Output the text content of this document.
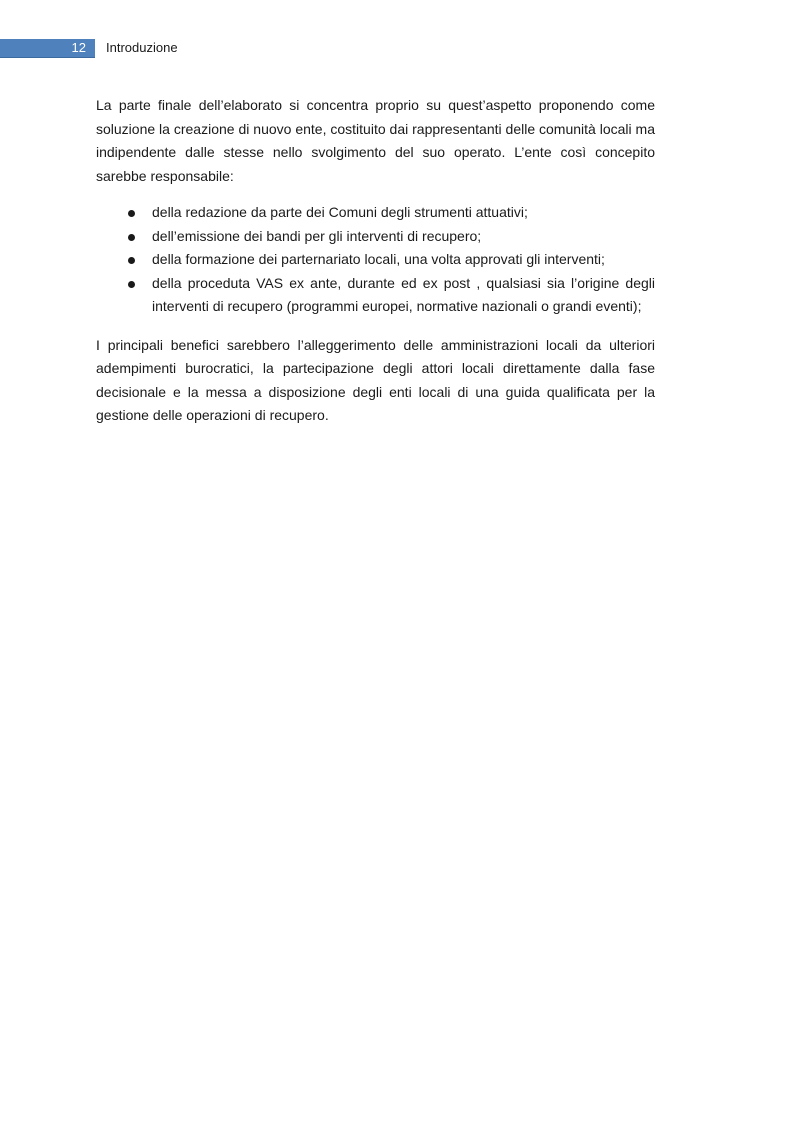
12 Introduzione

La parte finale dell’elaborato si concentra proprio su quest’aspetto proponendo come soluzione la creazione di nuovo ente, costituito dai rappresentanti delle comunità locali ma indipendente dalle stesse nello svolgimento del suo operato. L’ente così concepito sarebbe responsabile:

della redazione da parte dei Comuni degli strumenti attuativi;
dell’emissione dei bandi per gli interventi di recupero;
della formazione dei parternariato locali, una volta approvati gli interventi;
della proceduta VAS ex ante, durante ed ex post , qualsiasi sia l’origine degli interventi di recupero (programmi europei, normative nazionali o grandi eventi);

I principali benefici sarebbero l’alleggerimento delle amministrazioni locali da ulteriori adempimenti burocratici, la partecipazione degli attori locali direttamente dalla fase decisionale e la messa a disposizione degli enti locali di una guida qualificata per la gestione delle operazioni di recupero.
